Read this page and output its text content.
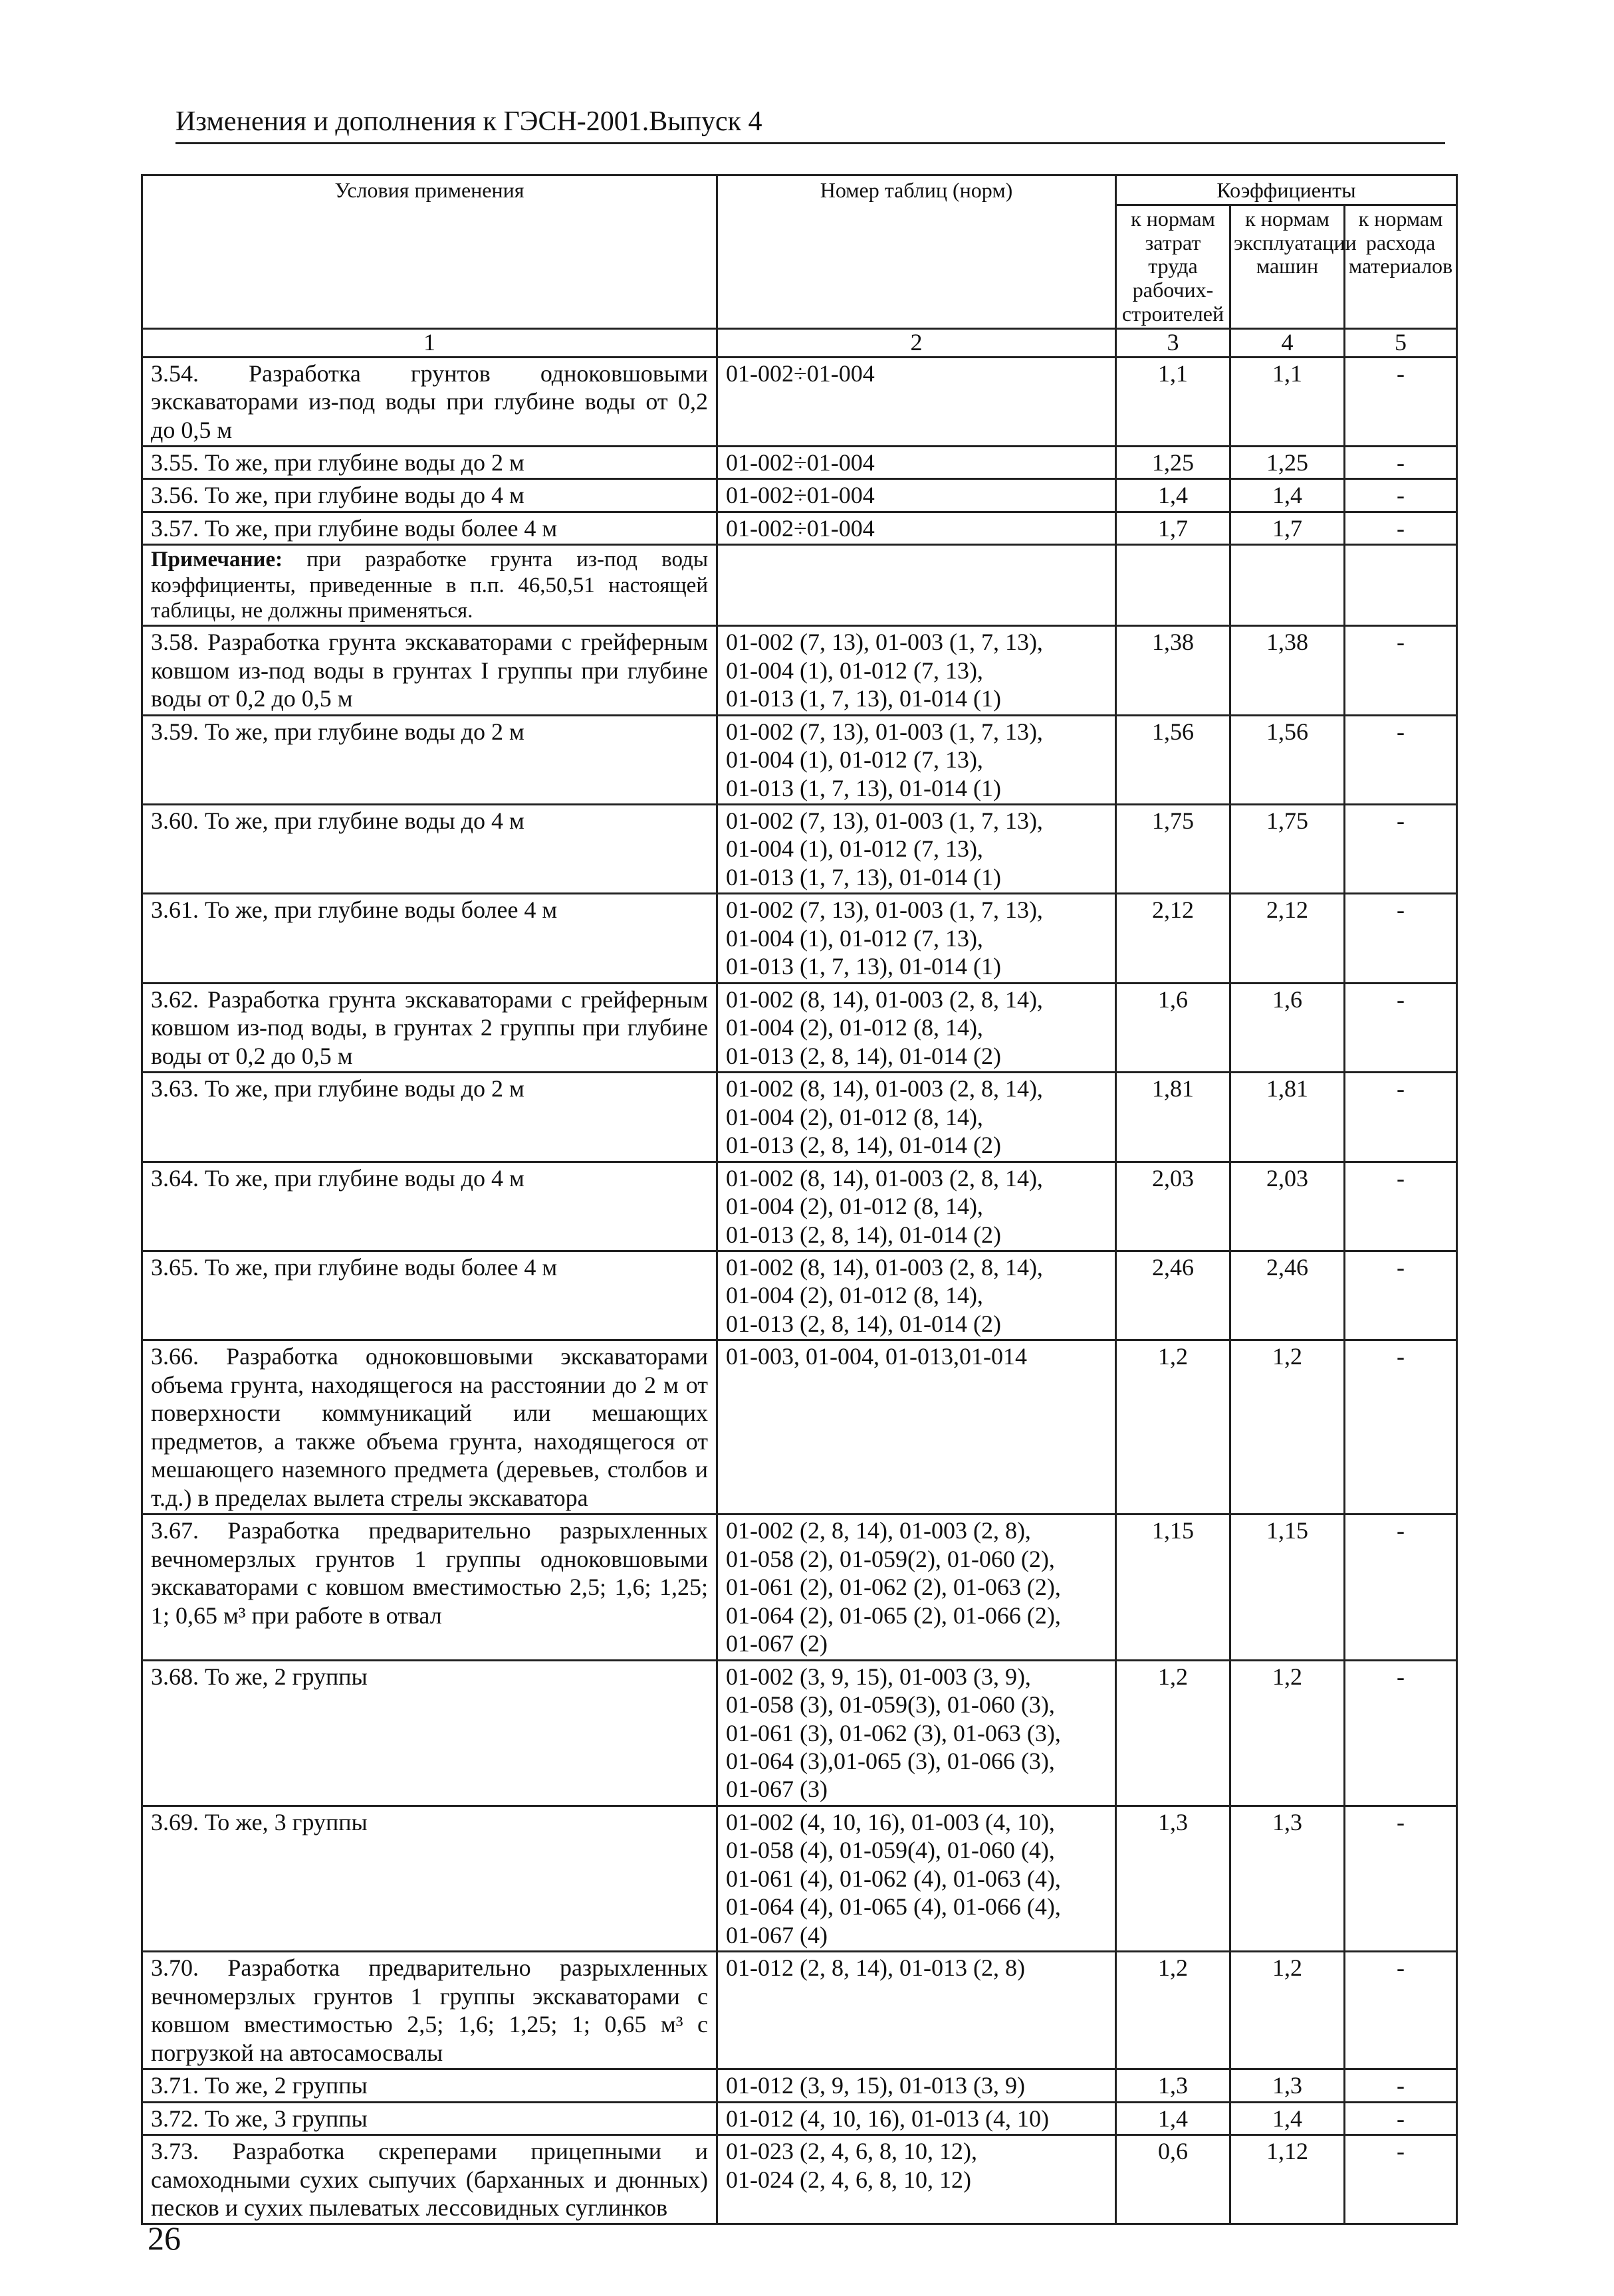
Изменения и дополнения к ГЭСН-2001.Выпуск 4
Условия применения	Номер таблиц (норм)	Коэффициенты		
		к нормам затрат труда рабочих-строителей	к нормам эксплуатации машин	к нормам расхода материалов
1	2	3	4	5
3.54. Разработка грунтов одноковшовыми экскаваторами из-под воды при глубине воды от 0,2 до 0,5 м	01-002÷01-004	1,1	1,1	-
3.55. То же, при глубине воды до 2 м	01-002÷01-004	1,25	1,25	-
3.56. То же, при глубине воды до 4 м	01-002÷01-004	1,4	1,4	-
3.57. То же, при глубине воды более 4 м	01-002÷01-004	1,7	1,7	-
Примечание: при разработке грунта из-под воды коэффициенты, приведенные в п.п. 46,50,51 настоящей таблицы, не должны применяться.				
3.58. Разработка грунта экскаваторами с грейферным ковшом из-под воды в грунтах I группы при глубине воды от 0,2 до 0,5 м	01-002 (7, 13), 01-003 (1, 7, 13),
01-004 (1), 01-012 (7, 13),
01-013 (1, 7, 13), 01-014 (1)	1,38	1,38	-
3.59. То же, при глубине воды до 2 м	01-002 (7, 13), 01-003 (1, 7, 13),
01-004 (1), 01-012 (7, 13),
01-013 (1, 7, 13), 01-014 (1)	1,56	1,56	-
3.60. То же, при глубине воды до 4 м	01-002 (7, 13), 01-003 (1, 7, 13),
01-004 (1), 01-012 (7, 13),
01-013 (1, 7, 13), 01-014 (1)	1,75	1,75	-
3.61. То же, при глубине воды более 4 м	01-002 (7, 13), 01-003 (1, 7, 13),
01-004 (1), 01-012 (7, 13),
01-013 (1, 7, 13), 01-014 (1)	2,12	2,12	-
3.62. Разработка грунта экскаваторами с грейферным ковшом из-под воды, в грунтах 2 группы при глубине воды от 0,2 до 0,5 м	01-002 (8, 14), 01-003 (2, 8, 14),
01-004 (2), 01-012 (8, 14),
01-013 (2, 8, 14), 01-014 (2)	1,6	1,6	-
3.63. То же, при глубине воды до 2 м	01-002 (8, 14), 01-003 (2, 8, 14),
01-004 (2), 01-012 (8, 14),
01-013 (2, 8, 14), 01-014 (2)	1,81	1,81	-
3.64. То же, при глубине воды до 4 м	01-002 (8, 14), 01-003 (2, 8, 14),
01-004 (2), 01-012 (8, 14),
01-013 (2, 8, 14), 01-014 (2)	2,03	2,03	-
3.65. То же, при глубине воды более 4 м	01-002 (8, 14), 01-003 (2, 8, 14),
01-004 (2), 01-012 (8, 14),
01-013 (2, 8, 14), 01-014 (2)	2,46	2,46	-
3.66. Разработка одноковшовыми экскаваторами объема грунта, находящегося на расстоянии до 2 м от поверхности коммуникаций или мешающих предметов, а также объема грунта, находящегося от мешающего наземного предмета (деревьев, столбов и т.д.) в пределах вылета стрелы экскаватора	01-003, 01-004, 01-013,01-014	1,2	1,2	-
3.67. Разработка предварительно разрыхленных вечномерзлых грунтов 1 группы одноковшовыми экскаваторами с ковшом вместимостью 2,5; 1,6; 1,25; 1; 0,65 м³ при работе в отвал	01-002 (2, 8, 14), 01-003 (2, 8),
01-058 (2), 01-059(2), 01-060 (2),
01-061 (2), 01-062 (2), 01-063 (2),
01-064 (2), 01-065 (2), 01-066 (2),
01-067 (2)	1,15	1,15	-
3.68. То же, 2 группы	01-002 (3, 9, 15), 01-003 (3, 9),
01-058 (3), 01-059(3), 01-060 (3),
01-061 (3), 01-062 (3), 01-063 (3),
01-064 (3),01-065 (3), 01-066 (3),
01-067 (3)	1,2	1,2	-
3.69. То же, 3 группы	01-002 (4, 10, 16), 01-003 (4, 10),
01-058 (4), 01-059(4), 01-060 (4),
01-061 (4), 01-062 (4), 01-063 (4),
01-064 (4), 01-065 (4), 01-066 (4),
01-067 (4)	1,3	1,3	-
3.70. Разработка предварительно разрыхленных вечномерзлых грунтов 1 группы экскаваторами с ковшом вместимостью 2,5; 1,6; 1,25; 1; 0,65 м³ с погрузкой на автосамосвалы	01-012 (2, 8, 14), 01-013 (2, 8)	1,2	1,2	-
3.71. То же, 2 группы	01-012 (3, 9, 15), 01-013 (3, 9)	1,3	1,3	-
3.72. То же, 3 группы	01-012 (4, 10, 16), 01-013 (4, 10)	1,4	1,4	-
3.73. Разработка скреперами прицепными и самоходными сухих сыпучих (барханных и дюнных) песков и сухих пылеватых лессовидных суглинков	01-023 (2, 4, 6, 8, 10, 12),
01-024 (2, 4, 6, 8, 10, 12)	0,6	1,12	-
26
